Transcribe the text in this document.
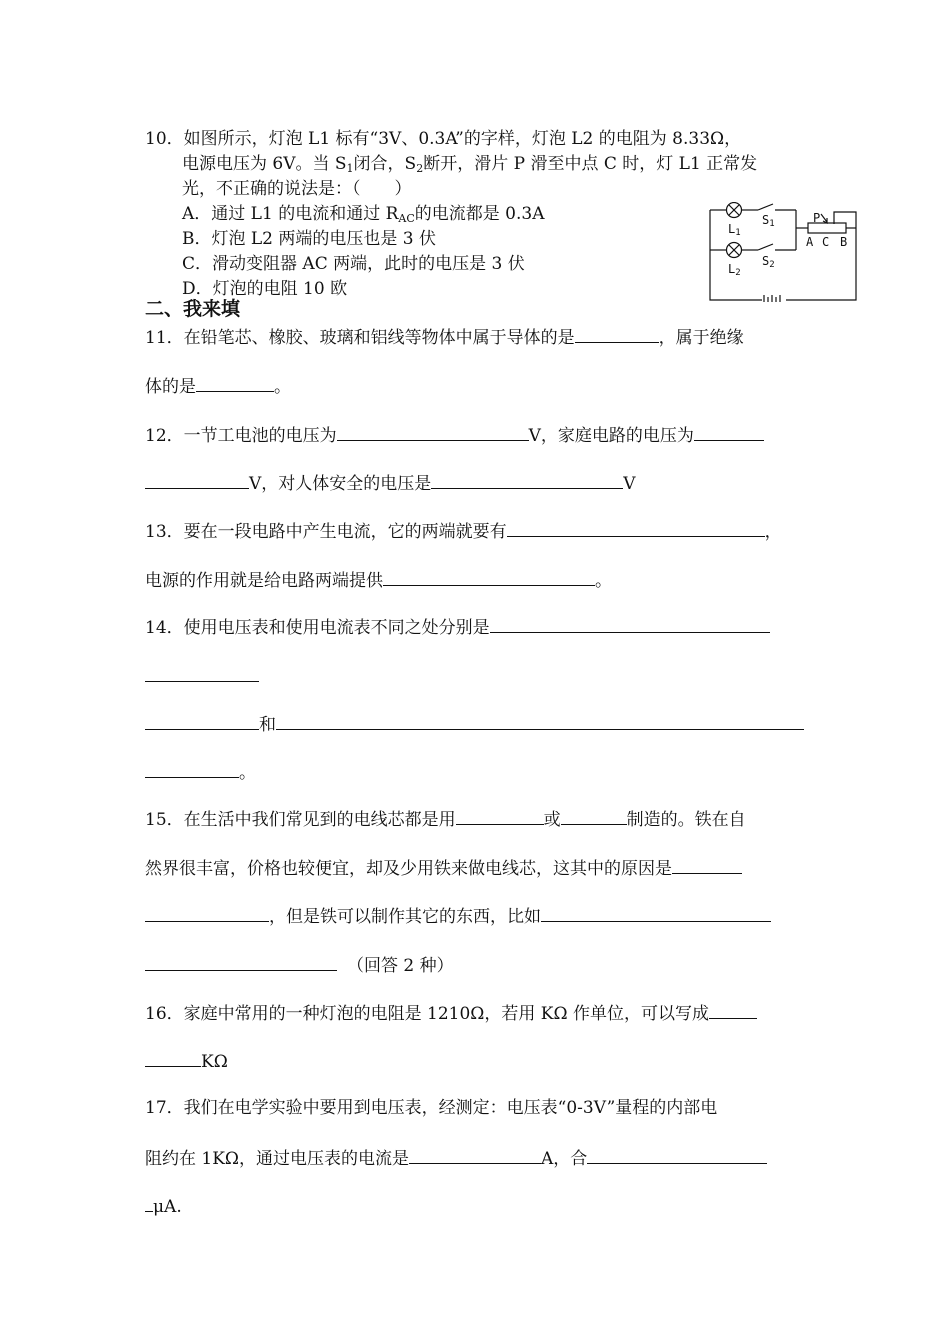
10．如图所示，灯泡 L1 标有“3V、0.3A”的字样，灯泡 L2 的电阻为 8.33Ω，
电源电压为 6V。当 $S_1$闭合，$S_2$断开，滑片 P 滑至中点 C 时，灯 L1 正常发
光，不正确的说法是：（　　）
A．通过 L1 的电流和通过 $R_{AC}$的电流都是 0.3A
B．灯泡 L2 两端的电压也是 3 伏
C．滑动变阻器 AC 两端，此时的电压是 3 伏
D．灯泡的电阻 10 欧
L1
L2
S1
S2
P
A C B
二、我来填
11．在铅笔芯、橡胶、玻璃和铝线等物体中属于导体的是	，属于绝缘
体的是	。
12．一节工电池的电压为	V，家庭电路的电压为
V，对人体安全的电压是	V
13．要在一段电路中产生电流，它的两端就要有	，
电源的作用就是给电路两端提供	。
14．使用电压表和使用电流表不同之处分别是
和
。
15．在生活中我们常见到的电线芯都是用	或	制造的。铁在自
然界很丰富，价格也较便宜，却及少用铁来做电线芯，这其中的原因是
，但是铁可以制作其它的东西，比如
（回答 2 种）
16．家庭中常用的一种灯泡的电阻是 1210Ω，若用 KΩ 作单位，可以写成
KΩ
17．我们在电学实验中要用到电压表，经测定：电压表“0-3V”量程的内部电
阻约在 1KΩ，通过电压表的电流是	A，合
μA.
